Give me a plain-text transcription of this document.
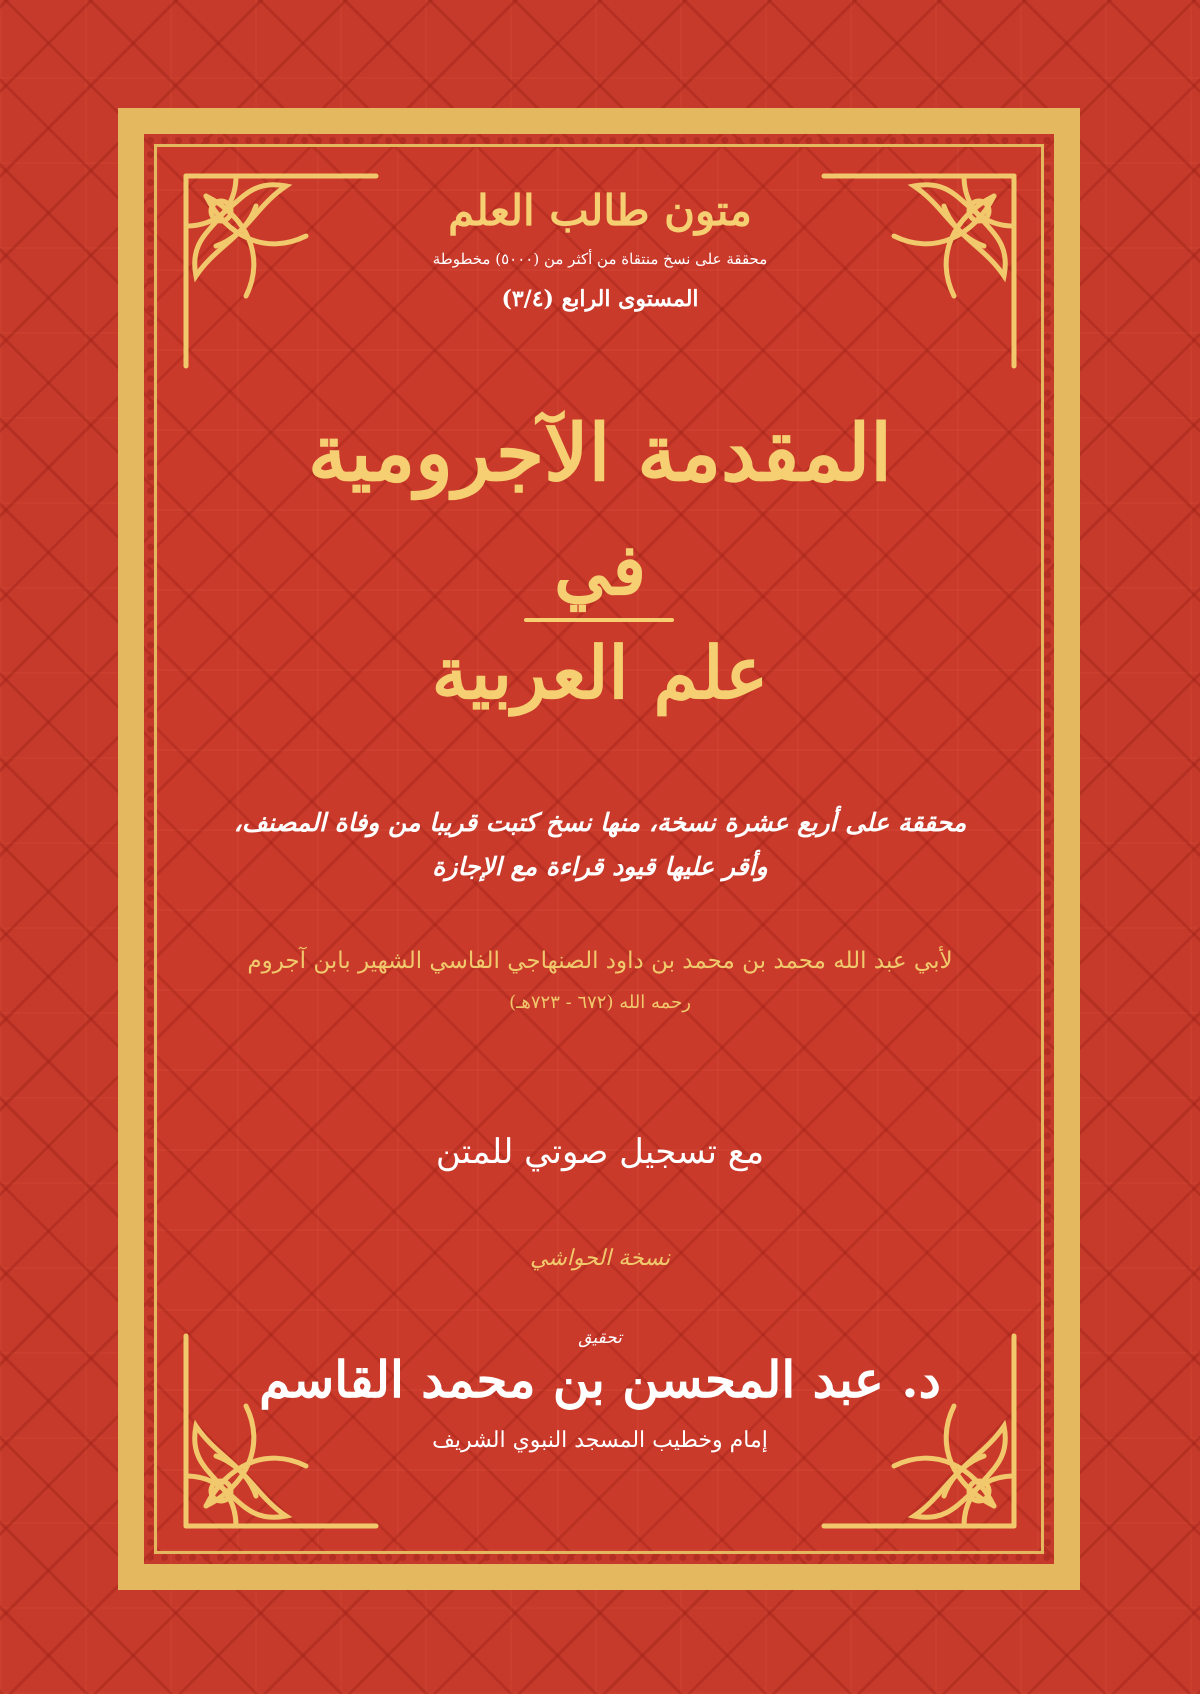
متون طالب العلم
محققة على نسخ منتقاة من أكثر من (٥٠٠٠) مخطوطة
المستوى الرابع (٣/٤)
المقدمة الآجرومية
في
علم العربية
محققة على أربع عشرة نسخة، منها نسخ كتبت قريبا من وفاة المصنف،
وأقر عليها قيود قراءة مع الإجازة
لأبي عبد الله محمد بن محمد بن داود الصنهاجي الفاسي الشهير بابن آجروم
رحمه الله (٦٧٢ - ٧٢٣هـ)
مع تسجيل صوتي للمتن
نسخة الحواشي
تحقيق
د. عبد المحسن بن محمد القاسم
إمام وخطيب المسجد النبوي الشريف
